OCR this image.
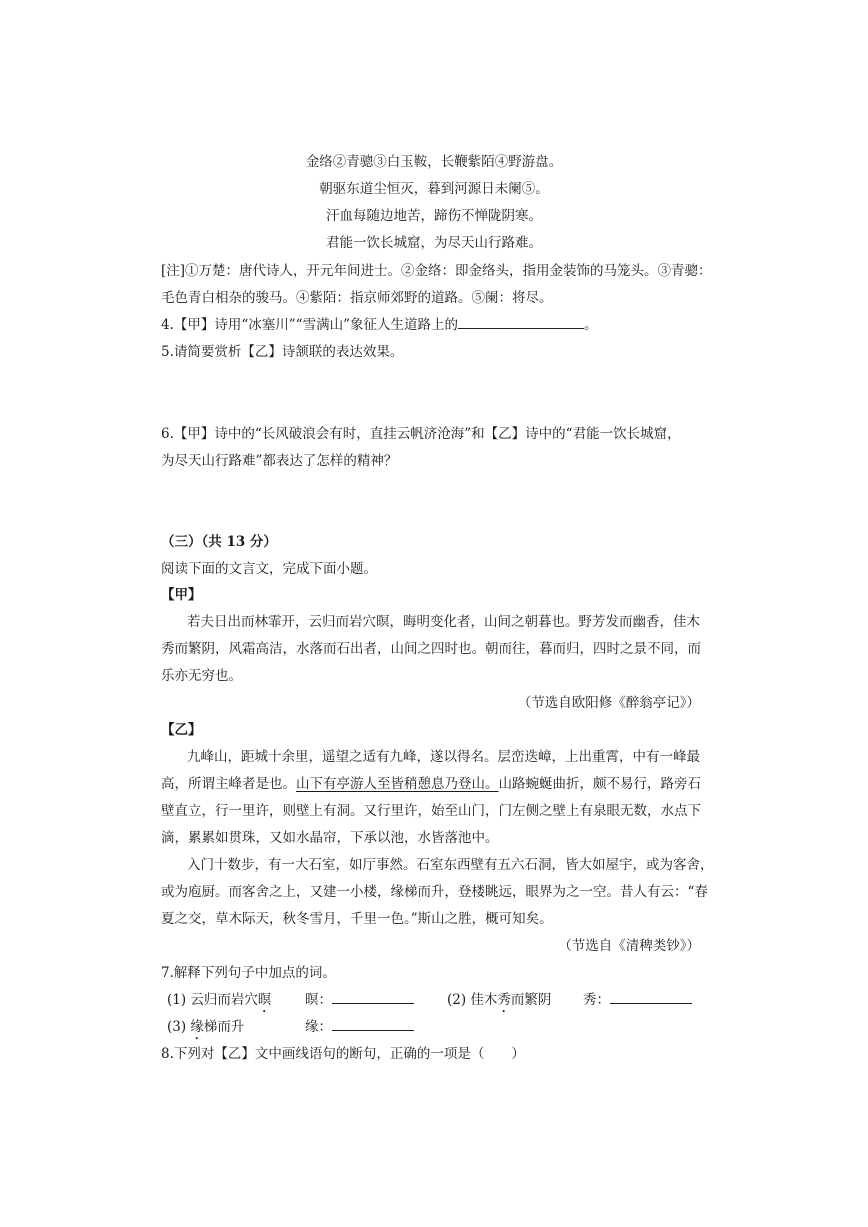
金络②青骢③白玉鞍，长鞭紫陌④野游盘。
朝驱东道尘恒灭，暮到河源日未阑⑤。
汗血每随边地苦，蹄伤不惮陇阴寒。
君能一饮长城窟，为尽天山行路难。
[注]①万楚：唐代诗人，开元年间进士。②金络：即金络头，指用金装饰的马笼头。③青骢：
毛色青白相杂的骏马。④紫陌：指京师郊野的道路。⑤阑：将尽。
4.【甲】诗用“冰塞川”“雪满山”象征人生道路上的	。
5.请简要赏析【乙】诗颔联的表达效果。
6.【甲】诗中的“长风破浪会有时，直挂云帆济沧海”和【乙】诗中的“君能一饮长城窟，
为尽天山行路难”都表达了怎样的精神？
（三）（共 13 分）
阅读下面的文言文，完成下面小题。
【甲】
若夫日出而林霏开，云归而岩穴暝，晦明变化者，山间之朝暮也。野芳发而幽香，佳木
秀而繁阴，风霜高洁，水落而石出者，山间之四时也。朝而往，暮而归，四时之景不同，而
乐亦无穷也。
（节选自欧阳修《醉翁亭记》）
【乙】
九峰山，距城十余里，遥望之适有九峰，遂以得名。层峦迭嶂，上出重霄，中有一峰最
高，所谓主峰者是也。山下有亭游人至皆稍憩息乃登山。山路蜿蜒曲折，颇不易行，路旁石
壁直立，行一里许，则壁上有洞。又行里许，始至山门，门左侧之壁上有泉眼无数，水点下
滴，累累如贯珠，又如水晶帘，下承以池，水皆落池中。
入门十数步，有一大石室，如厅事然。石室东西壁有五六石洞，皆大如屋宇，或为客舍，
或为庖厨。而客舍之上，又建一小楼，缘梯而升，登楼眺远，眼界为之一空。昔人有云：“春
夏之交，草木际天，秋冬雪月，千里一色。”斯山之胜，概可知矣。
（节选自《清稗类钞》）
7.解释下列句子中加点的词。
(1) 云归而岩穴暝 暝：	(2) 佳木秀而繁阴 秀：
(3) 缘梯而升	缘：
8.下列对【乙】文中画线语句的断句，正确的一项是（　　）
